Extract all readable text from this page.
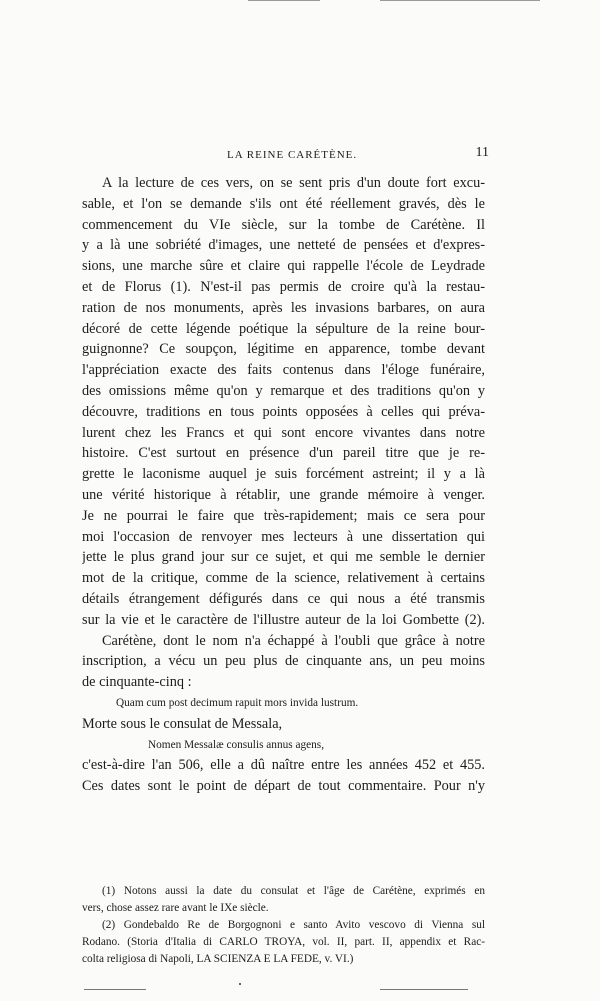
LA REINE CARÉTÈNE.	11
A la lecture de ces vers, on se sent pris d'un doute fort excu-
sable, et l'on se demande s'ils ont été réellement gravés, dès le
commencement du VIe siècle, sur la tombe de Carétène. Il
y a là une sobriété d'images, une netteté de pensées et d'expres-
sions, une marche sûre et claire qui rappelle l'école de Leydrade
et de Florus (1). N'est-il pas permis de croire qu'à la restau-
ration de nos monuments, après les invasions barbares, on aura
décoré de cette légende poétique la sépulture de la reine bour-
guignonne? Ce soupçon, légitime en apparence, tombe devant
l'appréciation exacte des faits contenus dans l'éloge funéraire,
des omissions même qu'on y remarque et des traditions qu'on y
découvre, traditions en tous points opposées à celles qui préva-
lurent chez les Francs et qui sont encore vivantes dans notre
histoire. C'est surtout en présence d'un pareil titre que je re-
grette le laconisme auquel je suis forcément astreint; il y a là
une vérité historique à rétablir, une grande mémoire à venger.
Je ne pourrai le faire que très-rapidement; mais ce sera pour
moi l'occasion de renvoyer mes lecteurs à une dissertation qui
jette le plus grand jour sur ce sujet, et qui me semble le dernier
mot de la critique, comme de la science, relativement à certains
détails étrangement défigurés dans ce qui nous a été transmis
sur la vie et le caractère de l'illustre auteur de la loi Gombette (2).
Carétène, dont le nom n'a échappé à l'oubli que grâce à notre
inscription, a vécu un peu plus de cinquante ans, un peu moins
de cinquante-cinq :
Quam cum post decimum rapuit mors invida lustrum.
Morte sous le consulat de Messala,
Nomen Messalæ consulis annus agens,
c'est-à-dire l'an 506, elle a dû naître entre les années 452 et 455.
Ces dates sont le point de départ de tout commentaire. Pour n'y
(1) Notons aussi la date du consulat et l'âge de Carétène, exprimés en
vers, chose assez rare avant le IXe siècle.
(2) Gondebaldo Re de Borgognoni e santo Avito vescovo di Vienna sul
Rodano. (Storia d'Italia di CARLO TROYA, vol. II, part. II, appendix et Rac-
colta religiosa di Napoli, LA SCIENZA E LA FEDE, v. VI.)
